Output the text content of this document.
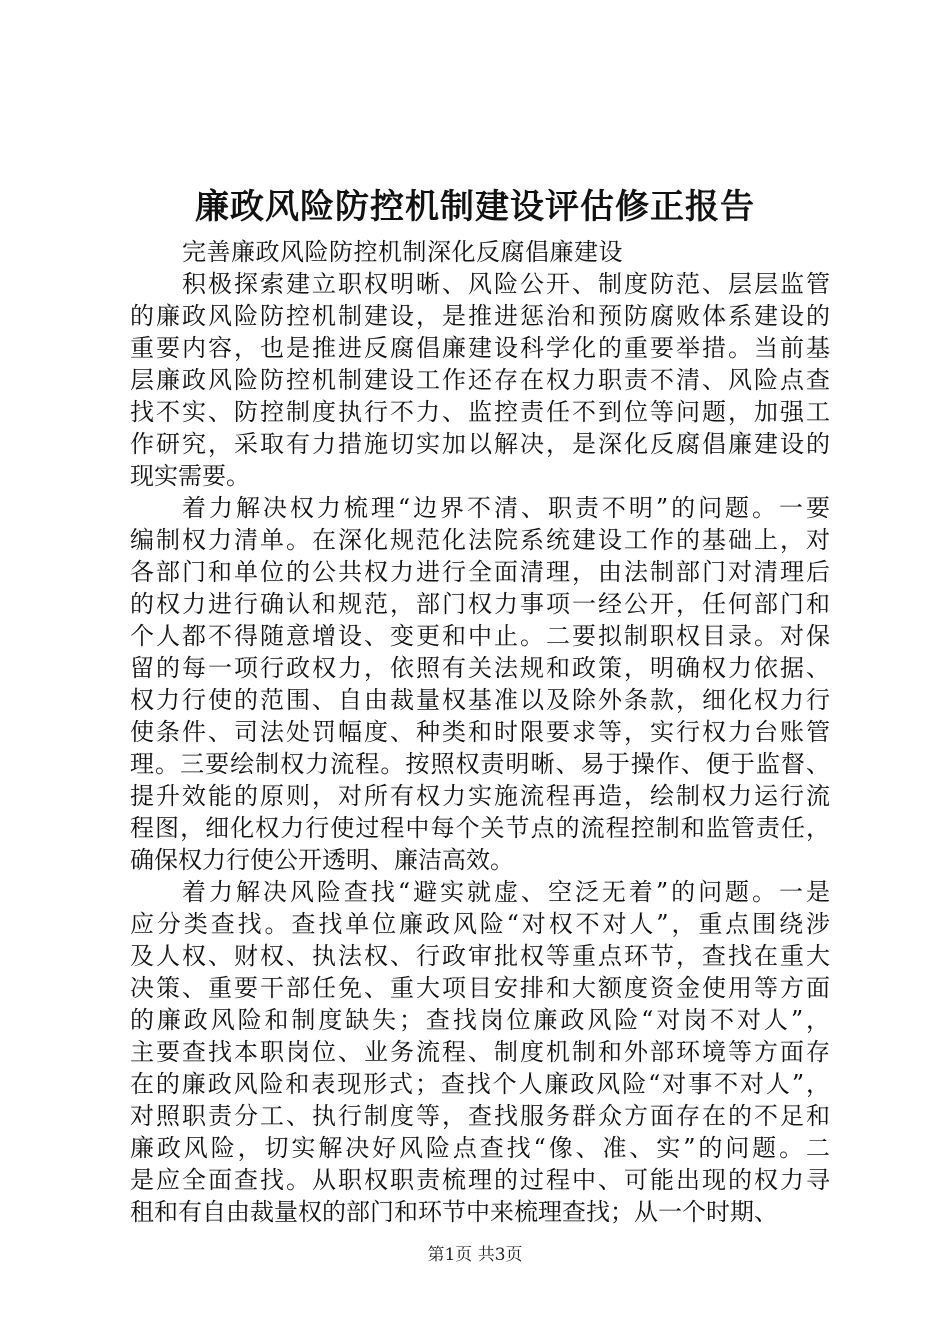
廉政风险防控机制建设评估修正报告

完善廉政风险防控机制深化反腐倡廉建设

积极探索建立职权明晰、风险公开、制度防范、层层监管
的廉政风险防控机制建设，是推进惩治和预防腐败体系建设的
重要内容，也是推进反腐倡廉建设科学化的重要举措。当前基
层廉政风险防控机制建设工作还存在权力职责不清、风险点查
找不实、防控制度执行不力、监控责任不到位等问题，加强工
作研究，采取有力措施切实加以解决，是深化反腐倡廉建设的
现实需要。
着力解决权力梳理“边界不清、职责不明”的问题。一要
编制权力清单。在深化规范化法院系统建设工作的基础上，对
各部门和单位的公共权力进行全面清理，由法制部门对清理后
的权力进行确认和规范，部门权力事项一经公开，任何部门和
个人都不得随意增设、变更和中止。二要拟制职权目录。对保
留的每一项行政权力，依照有关法规和政策，明确权力依据、
权力行使的范围、自由裁量权基准以及除外条款，细化权力行
使条件、司法处罚幅度、种类和时限要求等，实行权力台账管
理。三要绘制权力流程。按照权责明晰、易于操作、便于监督、
提升效能的原则，对所有权力实施流程再造，绘制权力运行流
程图，细化权力行使过程中每个关节点的流程控制和监管责任，
确保权力行使公开透明、廉洁高效。
着力解决风险查找“避实就虚、空泛无着”的问题。一是
应分类查找。查找单位廉政风险“对权不对人”，重点围绕涉
及人权、财权、执法权、行政审批权等重点环节，查找在重大
决策、重要干部任免、重大项目安排和大额度资金使用等方面
的廉政风险和制度缺失；查找岗位廉政风险“对岗不对人”，
主要查找本职岗位、业务流程、制度机制和外部环境等方面存
在的廉政风险和表现形式；查找个人廉政风险“对事不对人”，
对照职责分工、执行制度等，查找服务群众方面存在的不足和
廉政风险，切实解决好风险点查找“像、准、实”的问题。二
是应全面查找。从职权职责梳理的过程中、可能出现的权力寻
租和有自由裁量权的部门和环节中来梳理查找；从一个时期、
第1页 共3页
